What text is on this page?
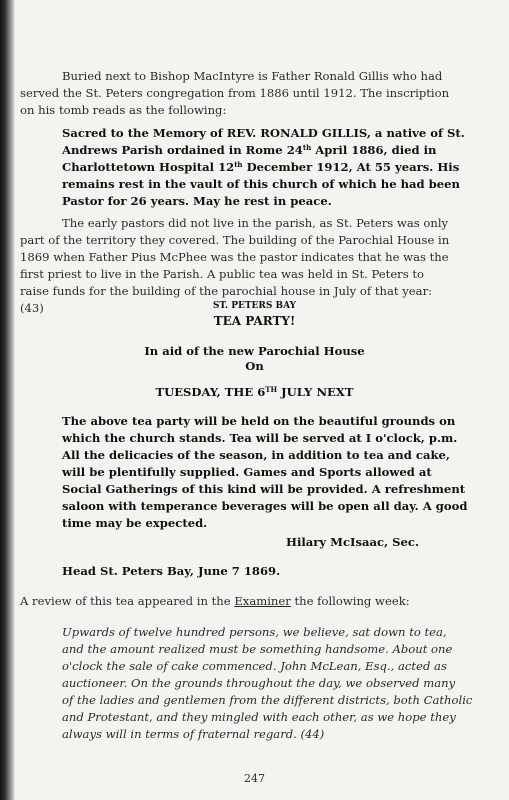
Buried next to Bishop MacIntyre is Father Ronald Gillis who had
served the St. Peters congregation from 1886 until 1912. The inscription
on his tomb reads as the following:
Sacred to the Memory of REV. RONALD GILLIS, a native of St.
Andrews Parish ordained in Rome 24th April 1886, died in
Charlottetown Hospital 12th December 1912, At 55 years. His
remains rest in the vault of this church of which he had been
Pastor for 26 years. May he rest in peace.
The early pastors did not live in the parish, as St. Peters was only
part of the territory they covered. The building of the Parochial House in
1869 when Father Pius McPhee was the pastor indicates that he was the
first priest to live in the Parish. A public tea was held in St. Peters to
raise funds for the building of the parochial house in July of that year:
(43)	ST. PETERS BAY
TEA PARTY!
In aid of the new Parochial House
On
TUESDAY, THE 6TH JULY NEXT
The above tea party will be held on the beautiful grounds on
which the church stands. Tea will be served at I o'clock, p.m.
All the delicacies of the season, in addition to tea and cake,
will be plentifully supplied. Games and Sports allowed at
Social Gatherings of this kind will be provided. A refreshment
saloon with temperance beverages will be open all day. A good
time may be expected.
Hilary McIsaac, Sec.
Head St. Peters Bay, June 7 1869.
A review of this tea appeared in the Examiner the following week:
Upwards of twelve hundred persons, we believe, sat down to tea,
and the amount realized must be something handsome. About one
o'clock the sale of cake commenced. John McLean, Esq., acted as
auctioneer. On the grounds throughout the day, we observed many
of the ladies and gentlemen from the different districts, both Catholic
and Protestant, and they mingled with each other, as we hope they
always will in terms of fraternal regard. (44)
247
